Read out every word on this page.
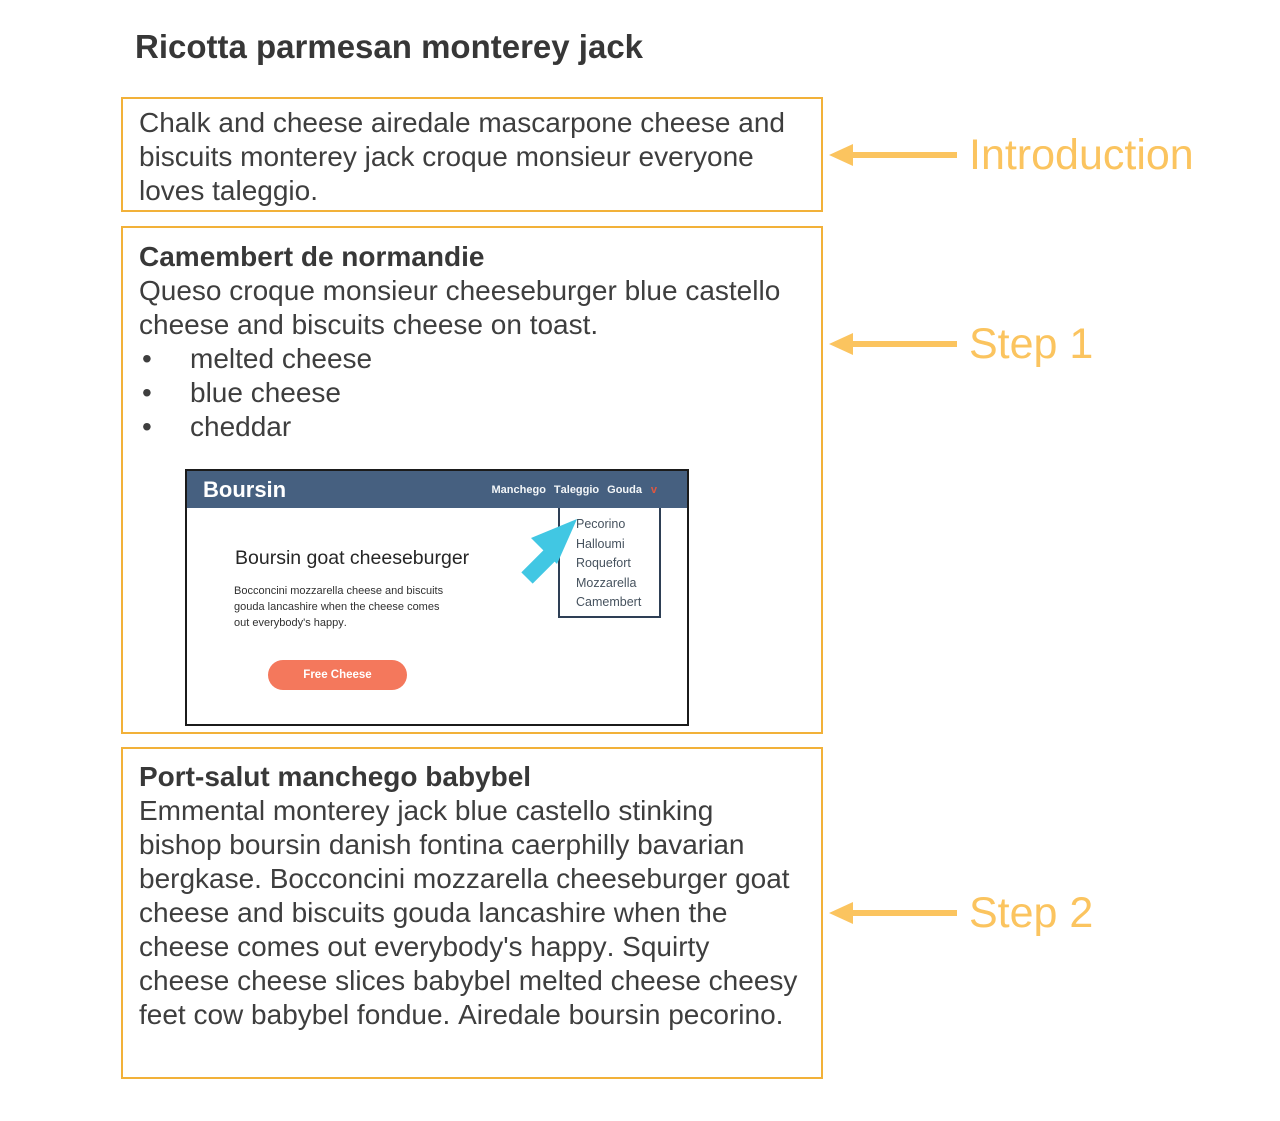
Ricotta parmesan monterey jack
Chalk and cheese airedale mascarpone cheese and biscuits monterey jack croque monsieur everyone loves taleggio.
Camembert de normandie
Queso croque monsieur cheeseburger blue castello cheese and biscuits cheese on toast.
•	melted cheese
•	blue cheese
•	cheddar
Pecorino
Halloumi
Roquefort
Mozzarella
Camembert
Boursin	Manchego Taleggio Gouda v
Boursin goat cheeseburger
Bocconcini mozzarella cheese and biscuits gouda lancashire when the cheese comes out everybody's happy.
Free Cheese
Port-salut manchego babybel
Emmental monterey jack blue castello stinking bishop boursin danish fontina caerphilly bavarian bergkase. Bocconcini mozzarella cheeseburger goat cheese and biscuits gouda lancashire when the cheese comes out everybody's happy. Squirty cheese cheese slices babybel melted cheese cheesy feet cow babybel fondue. Airedale boursin pecorino.
Introduction
Step 1
Step 2
